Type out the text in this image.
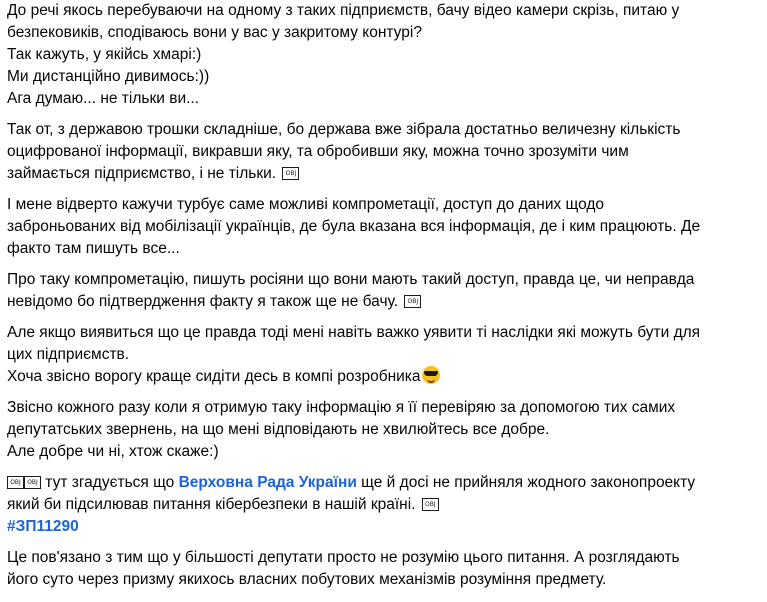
До речі якось перебуваючи на одному з таких підприємств, бачу відео камери скрізь, питаю у

безпековиків, сподіваюсь вони у вас у закритому контурі?

Так кажуть, у якійсь хмарі:)

Ми дистанційно дивимось:))

Ага думаю... не тільки ви...

Так от, з державою трошки складніше, бо держава вже зібрала достатньо величезну кількість

оцифрованої інформації, викравши яку, та обробивши яку, можна точно зрозуміти чим

займається підприємство, і не тільки. OBJ

І мене відверто кажучи турбує саме можливі компрометації, доступ до даних щодо

заброньованих від мобілізації українців, де була вказана вся інформація, де і ким працюють. Де

факто там пишуть все...

Про таку компрометацію, пишуть росіяни що вони мають такий доступ, правда це, чи неправда

невідомо бо підтвердження факту я також ще не бачу. OBJ

Але якщо виявиться що це правда тоді мені навіть важко уявити ті наслідки які можуть бути для

цих підприємств.

Хоча звісно ворогу краще сидіти десь в компі розробника

Звісно кожного разу коли я отримую таку інформацію я її перевіряю за допомогою тих самих

депутатських звернень, на що мені відповідають не хвилюйтесь все добре.

Але добре чи ні, хтож скаже:)

OBJ OBJ тут згадується що Верховна Рада України ще й досі не прийняля жодного законопроекту

який би підсилював питання кібербезпеки в нашій країні. OBJ

#ЗП11290

Це пов'язано з тим що у більшості депутати просто не розумію цього питання. А розглядають

його суто через призму якихось власних побутових механізмів розуміння предмету.
